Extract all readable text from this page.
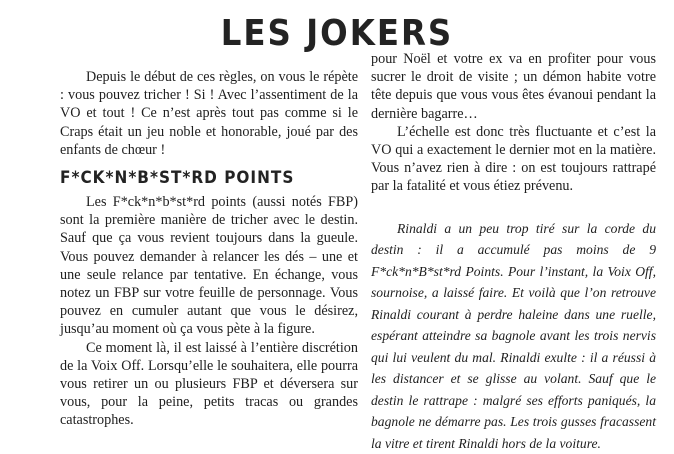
LES JOKERS

Depuis le début de ces règles, on vous le répète : vous pouvez tricher ! Si ! Avec l’assentiment de la VO et tout ! Ce n’est après tout pas comme si le Craps était un jeu noble et honorable, joué par des enfants de chœur !

F*CK*N*B*ST*RD POINTS

Les F*ck*n*b*st*rd points (aussi notés FBP) sont la première manière de tricher avec le destin. Sauf que ça vous revient toujours dans la gueule. Vous pouvez demander à relancer les dés – une et une seule relance par tentative. En échange, vous notez un FBP sur votre feuille de personnage. Vous pouvez en cumuler autant que vous le désirez, jusqu’au moment où ça vous pète à la figure.

Ce moment là, il est laissé à l’entière discrétion de la Voix Off. Lorsqu’elle le souhaitera, elle pourra vous retirer un ou plusieurs FBP et déversera sur vous, pour la peine, petits tracas ou grandes catastrophes.

pour Noël et votre ex va en profiter pour vous sucrer le droit de visite ; un démon habite votre tête depuis que vous vous êtes évanoui pendant la dernière bagarre…

L’échelle est donc très fluctuante et c’est la VO qui a exactement le dernier mot en la matière. Vous n’avez rien à dire : on est toujours rattrapé par la fatalité et vous étiez prévenu.

Rinaldi a un peu trop tiré sur la corde du destin : il a accumulé pas moins de 9 F*ck*n*B*st*rd Points. Pour l’instant, la Voix Off, sournoise, a laissé faire. Et voilà que l’on retrouve Rinaldi courant à perdre haleine dans une ruelle, espérant atteindre sa bagnole avant les trois nervis qui lui veulent du mal. Rinaldi exulte : il a réussi à les distancer et se glisse au volant. Sauf que le destin le rattrape : malgré ses efforts paniqués, la bagnole ne démarre pas. Les trois gusses fracassent la vitre et tirent Rinaldi hors de la voiture.
